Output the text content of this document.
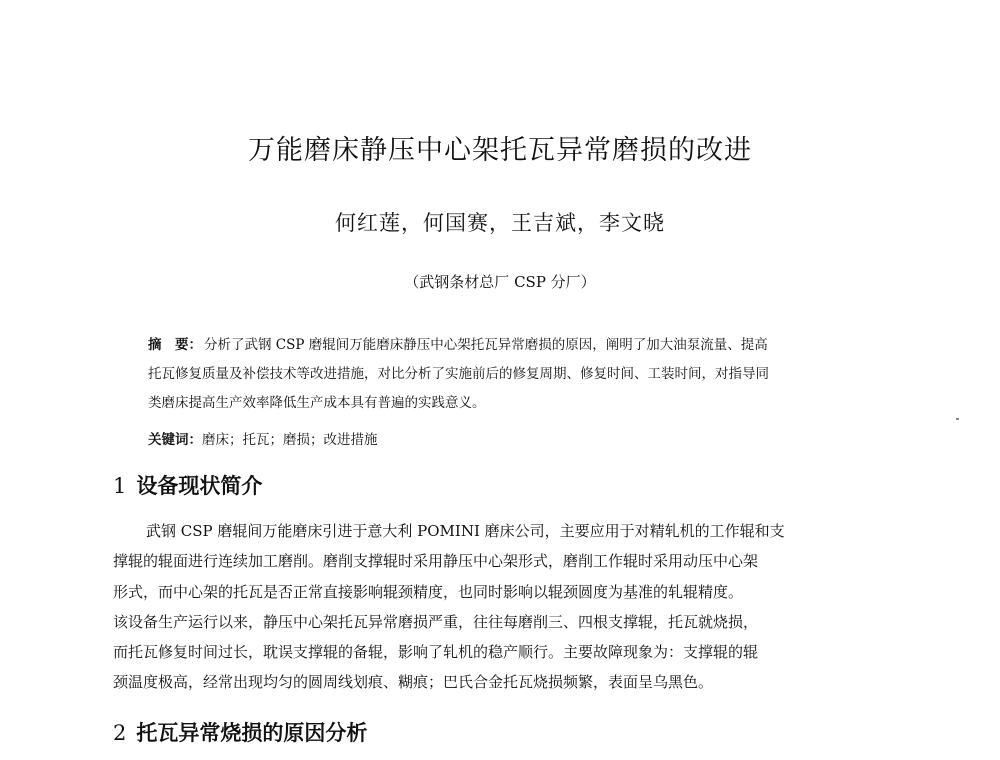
万能磨床静压中心架托瓦异常磨损的改进
何红莲，何国赛，王吉斌，李文晓
（武钢条材总厂 CSP 分厂）
摘　要： 分析了武钢 CSP 磨辊间万能磨床静压中心架托瓦异常磨损的原因，阐明了加大油泵流量、提高
托瓦修复质量及补偿技术等改进措施，对比分析了实施前后的修复周期、修复时间、工装时间，对指导同
类磨床提高生产效率降低生产成本具有普遍的实践意义。
关键词：磨床；托瓦；磨损；改进措施
1 设备现状简介
武钢 CSP 磨辊间万能磨床引进于意大利 POMINI 磨床公司，主要应用于对精轧机的工作辊和支
撑辊的辊面进行连续加工磨削。磨削支撑辊时采用静压中心架形式，磨削工作辊时采用动压中心架
形式，而中心架的托瓦是否正常直接影响辊颈精度，也同时影响以辊颈圆度为基准的轧辊精度。
该设备生产运行以来，静压中心架托瓦异常磨损严重，往往每磨削三、四根支撑辊，托瓦就烧损，
而托瓦修复时间过长，耽误支撑辊的备辊，影响了轧机的稳产顺行。主要故障现象为：支撑辊的辊
颈温度极高，经常出现均匀的圆周线划痕、糊痕；巴氏合金托瓦烧损频繁，表面呈乌黑色。
2 托瓦异常烧损的原因分析
